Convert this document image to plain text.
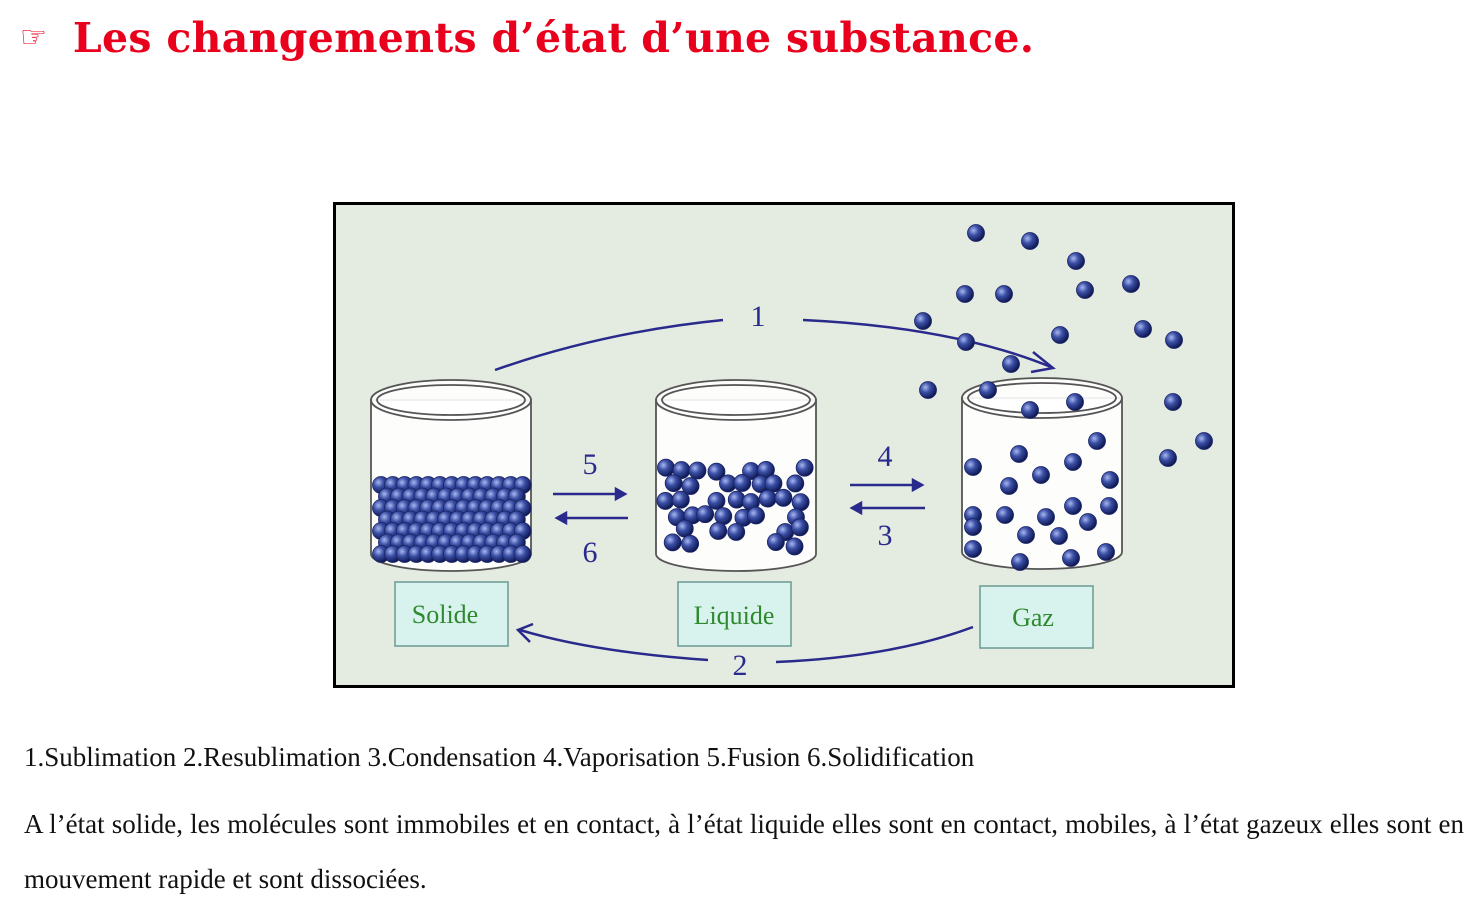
☞ Les changements d’état d’une substance.
1
2
5
6
4
3
Solide	Liquide	Gaz
1.Sublimation 2.Resublimation 3.Condensation 4.Vaporisation 5.Fusion 6.Solidification
A l’état solide, les molécules sont immobiles et en contact, à l’état liquide elles sont en contact, mobiles, à l’état gazeux elles sont en mouvement rapide et sont dissociées.
